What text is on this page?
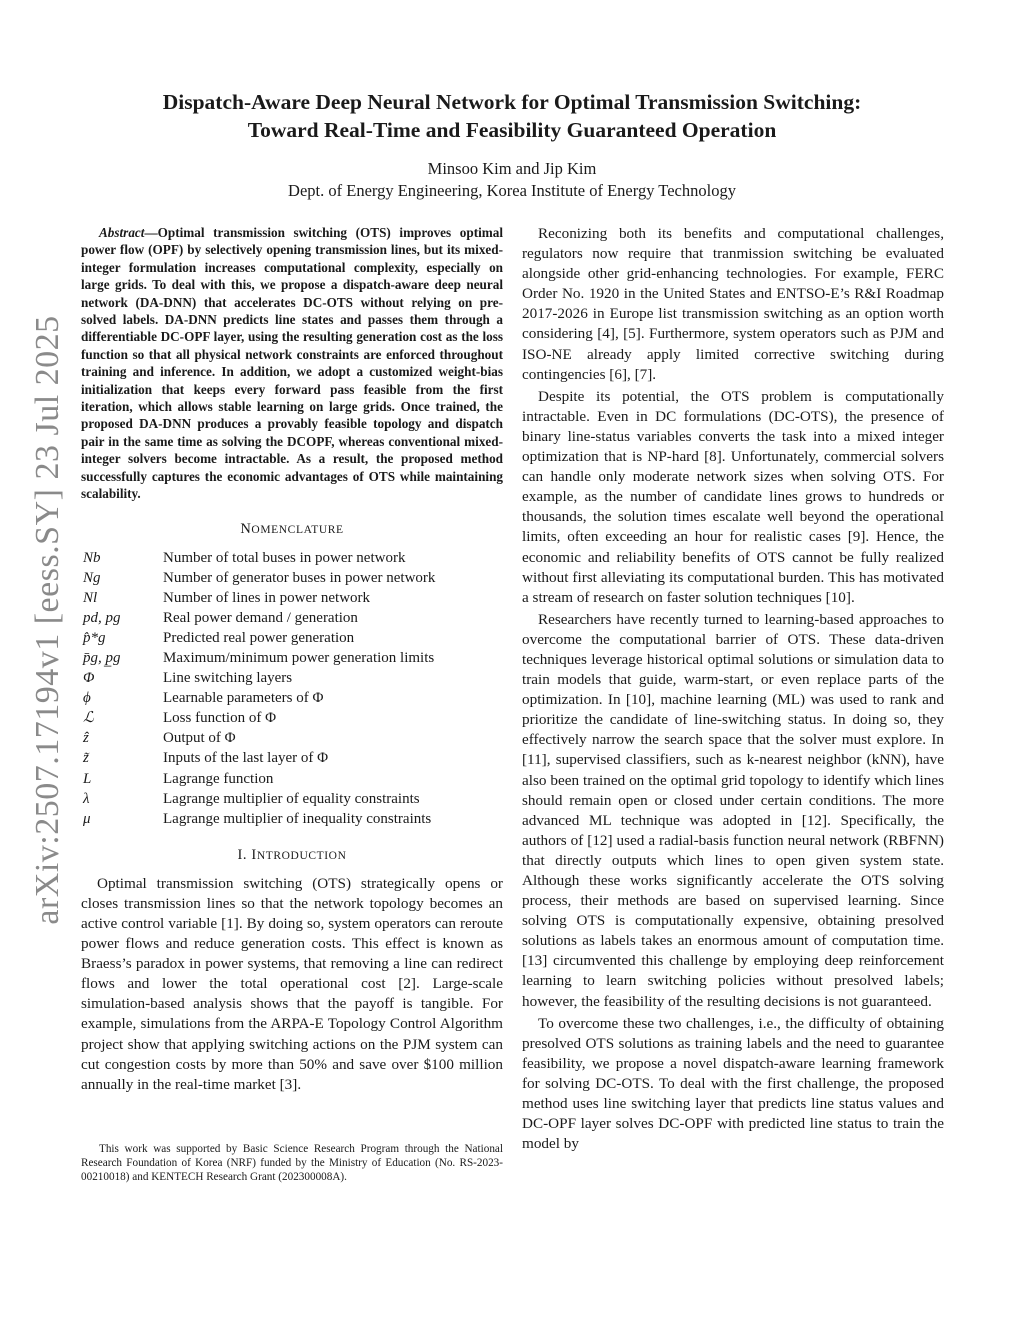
arXiv:2507.17194v1 [eess.SY] 23 Jul 2025
Dispatch-Aware Deep Neural Network for Optimal Transmission Switching:
Toward Real-Time and Feasibility Guaranteed Operation
Minsoo Kim and Jip Kim
Dept. of Energy Engineering, Korea Institute of Energy Technology

Abstract—Optimal transmission switching (OTS) improves optimal power flow (OPF) by selectively opening transmission lines, but its mixed-integer formulation increases computational complexity, especially on large grids. To deal with this, we propose a dispatch-aware deep neural network (DA-DNN) that accelerates DC-OTS without relying on pre-solved labels. DA-DNN predicts line states and passes them through a differentiable DC-OPF layer, using the resulting generation cost as the loss function so that all physical network constraints are enforced throughout training and inference. In addition, we adopt a customized weight-bias initialization that keeps every forward pass feasible from the first iteration, which allows stable learning on large grids. Once trained, the proposed DA-DNN produces a provably feasible topology and dispatch pair in the same time as solving the DCOPF, whereas conventional mixed-integer solvers become intractable. As a result, the proposed method successfully captures the economic advantages of OTS while maintaining scalability.

NOMENCLATURE
Nb	Number of total buses in power network
Ng	Number of generator buses in power network
Nl	Number of lines in power network
pd, pg	Real power demand / generation
p̂*g	Predicted real power generation
p̄g, p̲g	Maximum/minimum power generation limits
Φ	Line switching layers
ϕ	Learnable parameters of Φ
ℒ	Loss function of Φ
ẑ	Output of Φ
z̃	Inputs of the last layer of Φ
L	Lagrange function
λ	Lagrange multiplier of equality constraints
μ	Lagrange multiplier of inequality constraints
I. INTRODUCTION

Optimal transmission switching (OTS) strategically opens or closes transmission lines so that the network topology becomes an active control variable [1]. By doing so, system operators can reroute power flows and reduce generation costs. This effect is known as Braess’s paradox in power systems, that removing a line can redirect flows and lower the total operational cost [2]. Large-scale simulation-based analysis shows that the payoff is tangible. For example, simulations from the ARPA-E Topology Control Algorithm project show that applying switching actions on the PJM system can cut congestion costs by more than 50% and save over $100 million annually in the real-time market [3].

This work was supported by Basic Science Research Program through the National Research Foundation of Korea (NRF) funded by the Ministry of Education (No. RS-2023-00210018) and KENTECH Research Grant (202300008A).

Reconizing both its benefits and computational challenges, regulators now require that tranmission switching be evaluated alongside other grid-enhancing technologies. For example, FERC Order No. 1920 in the United States and ENTSO-E’s R&I Roadmap 2017-2026 in Europe list transmission switching as an option worth considering [4], [5]. Furthermore, system operators such as PJM and ISO-NE already apply limited corrective switching during contingencies [6], [7].

Despite its potential, the OTS problem is computationally intractable. Even in DC formulations (DC-OTS), the presence of binary line-status variables converts the task into a mixed integer optimization that is NP-hard [8]. Unfortunately, commercial solvers can handle only moderate network sizes when solving OTS. For example, as the number of candidate lines grows to hundreds or thousands, the solution times escalate well beyond the operational limits, often exceeding an hour for realistic cases [9]. Hence, the economic and reliability benefits of OTS cannot be fully realized without first alleviating its computational burden. This has motivated a stream of research on faster solution techniques [10].

Researchers have recently turned to learning-based approaches to overcome the computational barrier of OTS. These data-driven techniques leverage historical optimal solutions or simulation data to train models that guide, warm-start, or even replace parts of the optimization. In [10], machine learning (ML) was used to rank and prioritize the candidate of line-switching status. In doing so, they effectively narrow the search space that the solver must explore. In [11], supervised classifiers, such as k-nearest neighbor (kNN), have also been trained on the optimal grid topology to identify which lines should remain open or closed under certain conditions. The more advanced ML technique was adopted in [12]. Specifically, the authors of [12] used a radial-basis function neural network (RBFNN) that directly outputs which lines to open given system state. Although these works significantly accelerate the OTS solving process, their methods are based on supervised learning. Since solving OTS is computationally expensive, obtaining presolved solutions as labels takes an enormous amount of computation time. [13] circumvented this challenge by employing deep reinforcement learning to learn switching policies without presolved labels; however, the feasibility of the resulting decisions is not guaranteed.

To overcome these two challenges, i.e., the difficulty of obtaining presolved OTS solutions as training labels and the need to guarantee feasibility, we propose a novel dispatch-aware learning framework for solving DC-OTS. To deal with the first challenge, the proposed method uses line switching layer that predicts line status values and DC-OPF layer solves DC-OPF with predicted line status to train the model by
